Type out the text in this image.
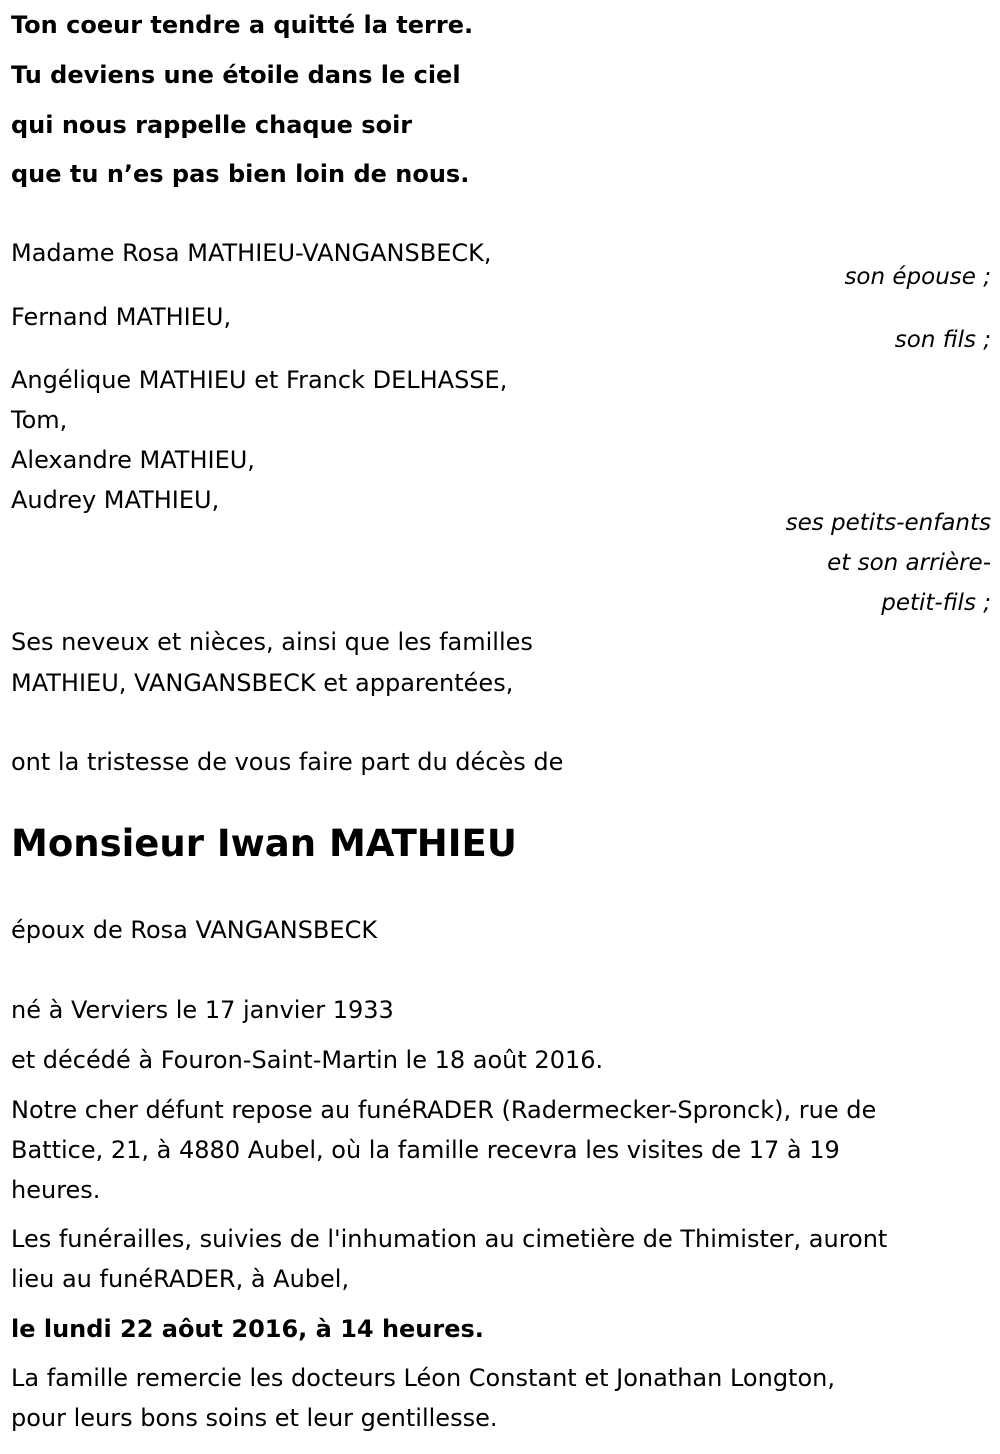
Ton coeur tendre a quitté la terre.
Tu deviens une étoile dans le ciel
qui nous rappelle chaque soir
que tu n’es pas bien loin de nous.
Madame Rosa MATHIEU-VANGANSBECK,
son épouse ;
Fernand MATHIEU,
son fils ;
Angélique MATHIEU et Franck DELHASSE,
Tom,
Alexandre MATHIEU,
Audrey MATHIEU,
ses petits-enfants
et son arrière-
petit-fils ;
Ses neveux et nièces, ainsi que les familles
MATHIEU, VANGANSBECK et apparentées,
ont la tristesse de vous faire part du décès de
Monsieur Iwan MATHIEU
époux de Rosa VANGANSBECK
né à Verviers le 17 janvier 1933
et décédé à Fouron-Saint-Martin le 18 août 2016.
Notre cher défunt repose au funéRADER (Radermecker-Spronck), rue de
Battice, 21, à 4880 Aubel, où la famille recevra les visites de 17 à 19
heures.
Les funérailles, suivies de l'inhumation au cimetière de Thimister, auront
lieu au funéRADER, à Aubel,
le lundi 22 aôut 2016, à 14 heures.
La famille remercie les docteurs Léon Constant et Jonathan Longton,
pour leurs bons soins et leur gentillesse.
